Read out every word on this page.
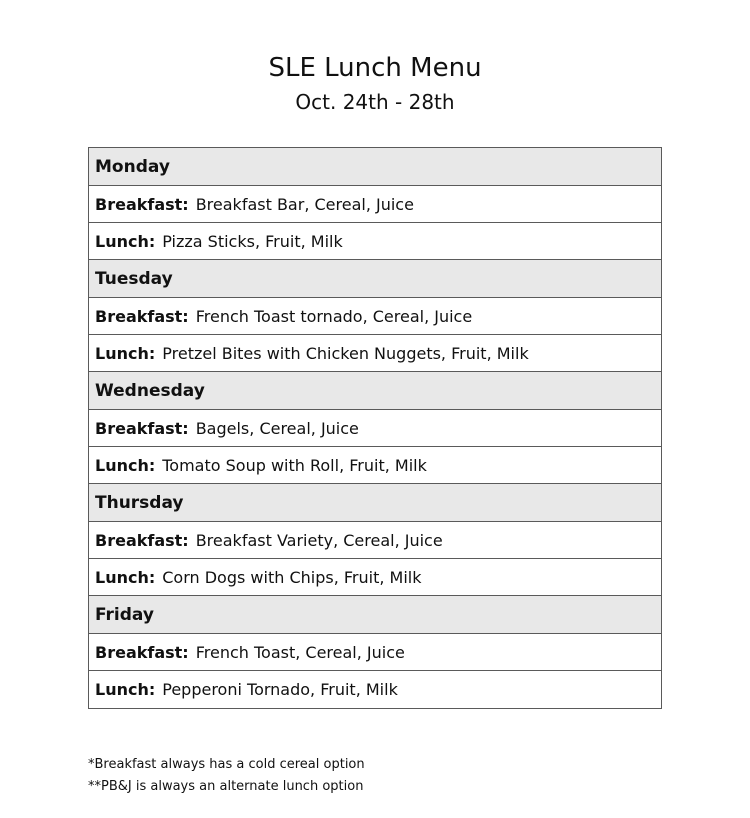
SLE Lunch Menu
Oct. 24th - 28th
Monday
Breakfast: Breakfast Bar, Cereal, Juice
Lunch: Pizza Sticks, Fruit, Milk
Tuesday
Breakfast: French Toast tornado, Cereal, Juice
Lunch: Pretzel Bites with Chicken Nuggets, Fruit, Milk
Wednesday
Breakfast: Bagels, Cereal, Juice
Lunch: Tomato Soup with Roll, Fruit, Milk
Thursday
Breakfast: Breakfast Variety, Cereal, Juice
Lunch: Corn Dogs with Chips, Fruit, Milk
Friday
Breakfast: French Toast, Cereal, Juice
Lunch: Pepperoni Tornado, Fruit, Milk

*Breakfast always has a cold cereal option

**PB&J is always an alternate lunch option
